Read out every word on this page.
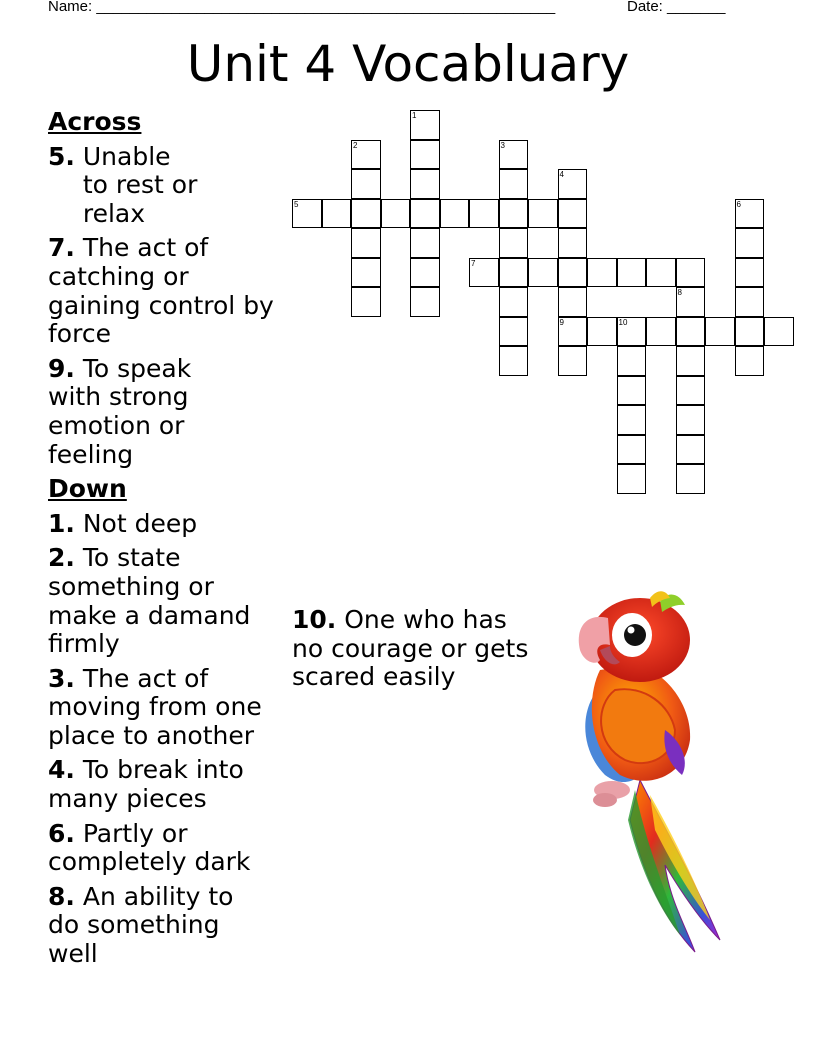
Name: _______________________________________________________	Date: _______
Unit 4 Vocabluary
Across
5. Unable to rest or relax
7. The act of catching or gaining control by force
9. To speak with strong emotion or feeling
Down
1. Not deep
2. To state something or make a damand firmly
3. The act of moving from one place to another
4. To break into many pieces
6. Partly or completely dark
8. An ability to do something well
10. One who has no courage or gets scared easily
5
7
9	10
1
2	3
4
6
8
